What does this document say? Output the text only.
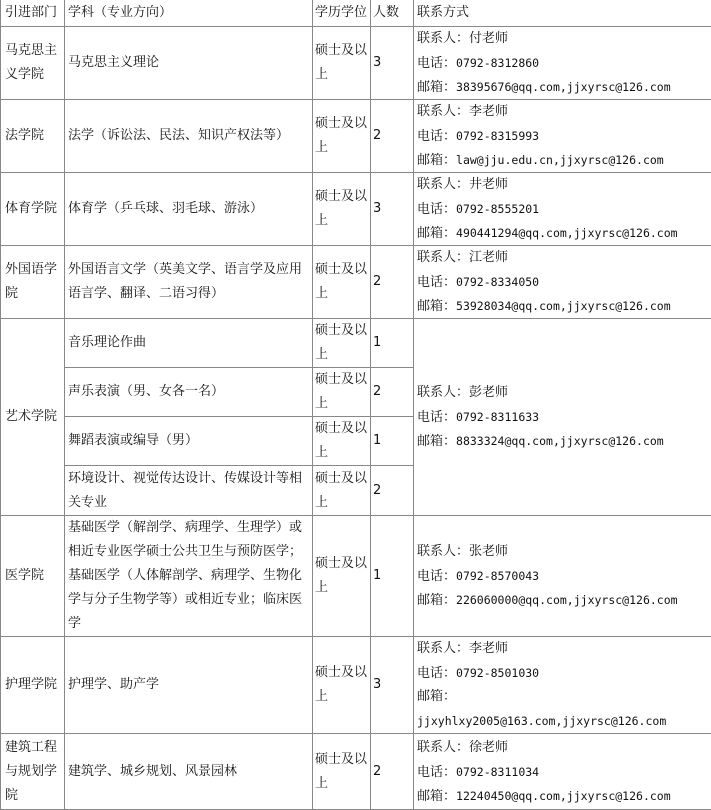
引进部门	学科（专业方向）	学历学位	人数	联系方式
马克思主义学院	马克思主义理论	硕士及以上	3	联系人：付老师
电话：0792-8312860
邮箱：38395676@qq.com,jjxyrsc@126.com

法学院	法学（诉讼法、民法、知识产权法等）	硕士及以上	2	联系人：李老师
电话：0792-8315993
邮箱：law@jju.edu.cn,jjxyrsc@126.com

体育学院	体育学（乒乓球、羽毛球、游泳）	硕士及以上	3	联系人：井老师
电话：0792-8555201
邮箱：490441294@qq.com,jjxyrsc@126.com

外国语学院	外国语言文学（英美文学、语言学及应用语言学、翻译、二语习得）	硕士及以上	2	联系人：江老师
电话：0792-8334050
邮箱：53928034@qq.com,jjxyrsc@126.com

艺术学院	音乐理论作曲	硕士及以上	1	联系人：彭老师
电话：0792-8311633
邮箱：8833324@qq.com,jjxyrsc@126.com

	声乐表演（男、女各一名）	硕士及以上	2	
	舞蹈表演或编导（男）	硕士及以上	1	
	环境设计、视觉传达设计、传媒设计等相关专业	硕士及以上	2	
医学院	基础医学（解剖学、病理学、生理学）或相近专业医学硕士公共卫生与预防医学；基础医学（人体解剖学、病理学、生物化学与分子生物学等）或相近专业；临床医学	硕士及以上	1	联系人：张老师
电话：0792-8570043
邮箱：226060000@qq.com,jjxyrsc@126.com

护理学院	护理学、助产学	硕士及以上	3	联系人：李老师
电话：0792-8501030
邮箱：
jjxyhlxy2005@163.com,jjxyrsc@126.com

建筑工程与规划学院	建筑学、城乡规划、风景园林	硕士及以上	2	联系人：徐老师
电话：0792-8311034
邮箱：12240450@qq.com,jjxyrsc@126.com
